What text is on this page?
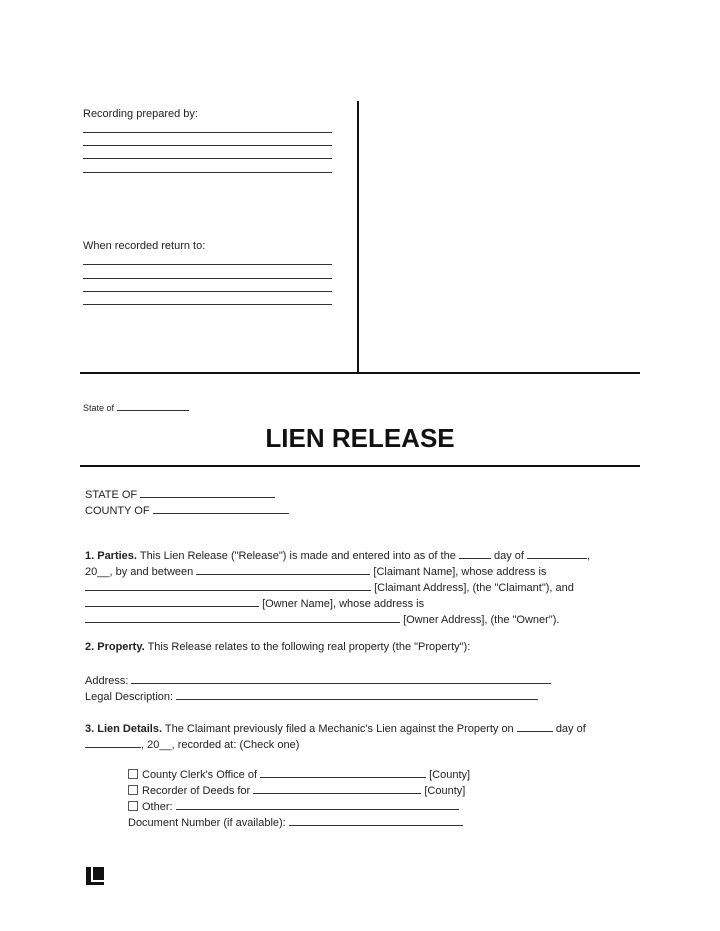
Recording prepared by:
When recorded return to:
State of
LIEN RELEASE
STATE OF
COUNTY OF
1. Parties. This Lien Release ("Release") is made and entered into as of the	day of	,
20__, by and between	[Claimant Name], whose address is
[Claimant Address], (the "Claimant"), and
[Owner Name], whose address is
[Owner Address], (the "Owner").
2. Property. This Release relates to the following real property (the "Property"):
Address:
Legal Description:
3. Lien Details. The Claimant previously filed a Mechanic's Lien against the Property on	day of
, 20__, recorded at: (Check one)
County Clerk's Office of	[County]
Recorder of Deeds for	[County]
Other:
Document Number (if available):
